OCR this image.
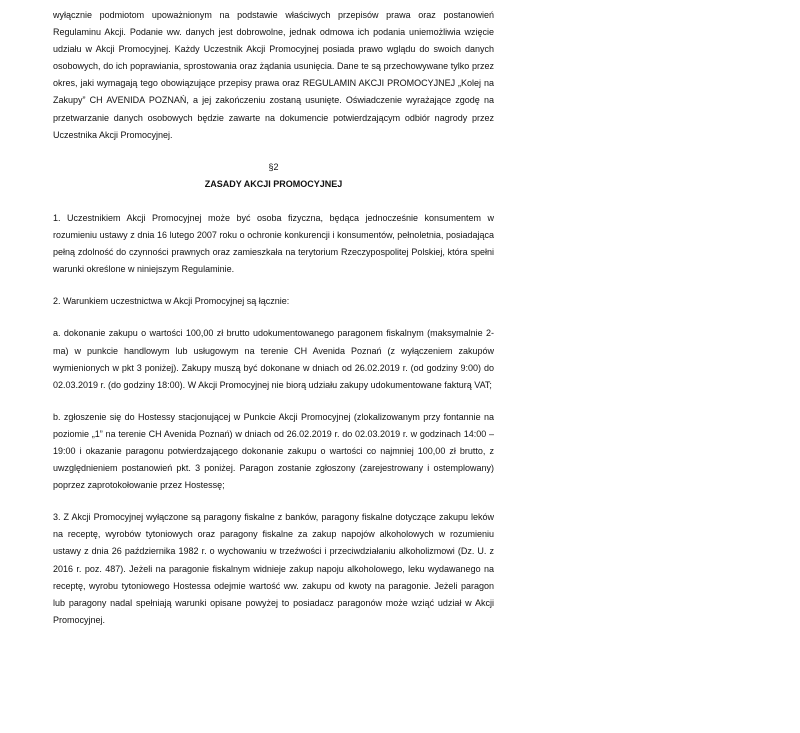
wyłącznie podmiotom upoważnionym na podstawie właściwych przepisów prawa oraz postanowień Regulaminu Akcji. Podanie ww. danych jest dobrowolne, jednak odmowa ich podania uniemożliwia wzięcie udziału w Akcji Promocyjnej. Każdy Uczestnik Akcji Promocyjnej posiada prawo wglądu do swoich danych osobowych, do ich poprawiania, sprostowania oraz żądania usunięcia. Dane te są przechowywane tylko przez okres, jaki wymagają tego obowiązujące przepisy prawa oraz REGULAMIN AKCJI PROMOCYJNEJ „Kolej na Zakupy” CH AVENIDA POZNAŃ, a jej zakończeniu zostaną usunięte. Oświadczenie wyrażające zgodę na przetwarzanie danych osobowych będzie zawarte na dokumencie potwierdzającym odbiór nagrody przez Uczestnika Akcji Promocyjnej.

§2

ZASADY AKCJI PROMOCYJNEJ

1. Uczestnikiem Akcji Promocyjnej może być osoba fizyczna, będąca jednocześnie konsumentem w rozumieniu ustawy z dnia 16 lutego 2007 roku o ochronie konkurencji i konsumentów, pełnoletnia, posiadająca pełną zdolność do czynności prawnych oraz zamieszkała na terytorium Rzeczypospolitej Polskiej, która spełni warunki określone w niniejszym Regulaminie.

2. Warunkiem uczestnictwa w Akcji Promocyjnej są łącznie:

a. dokonanie zakupu o wartości 100,00 zł brutto udokumentowanego paragonem fiskalnym (maksymalnie 2-ma) w punkcie handlowym lub usługowym na terenie CH Avenida Poznań (z wyłączeniem zakupów wymienionych w pkt 3 poniżej). Zakupy muszą być dokonane w dniach od 26.02.2019 r. (od godziny 9:00) do 02.03.2019 r. (do godziny 18:00). W Akcji Promocyjnej nie biorą udziału zakupy udokumentowane fakturą VAT;

b. zgłoszenie się do Hostessy stacjonującej w Punkcie Akcji Promocyjnej (zlokalizowanym przy fontannie na poziomie „1” na terenie CH Avenida Poznań) w dniach od 26.02.2019 r. do 02.03.2019 r. w godzinach 14:00 – 19:00 i okazanie paragonu potwierdzającego dokonanie zakupu o wartości co najmniej 100,00 zł brutto, z uwzględnieniem postanowień pkt. 3 poniżej. Paragon zostanie zgłoszony (zarejestrowany i ostemplowany) poprzez zaprotokołowanie przez Hostessę;

3. Z Akcji Promocyjnej wyłączone są paragony fiskalne z banków, paragony fiskalne dotyczące zakupu leków na receptę, wyrobów tytoniowych oraz paragony fiskalne za zakup napojów alkoholowych w rozumieniu ustawy z dnia 26 października 1982 r. o wychowaniu w trzeźwości i przeciwdziałaniu alkoholizmowi (Dz. U. z 2016 r. poz. 487). Jeżeli na paragonie fiskalnym widnieje zakup napoju alkoholowego, leku wydawanego na receptę, wyrobu tytoniowego Hostessa odejmie wartość ww. zakupu od kwoty na paragonie. Jeżeli paragon lub paragony nadal spełniają warunki opisane powyżej to posiadacz paragonów może wziąć udział w Akcji Promocyjnej.
